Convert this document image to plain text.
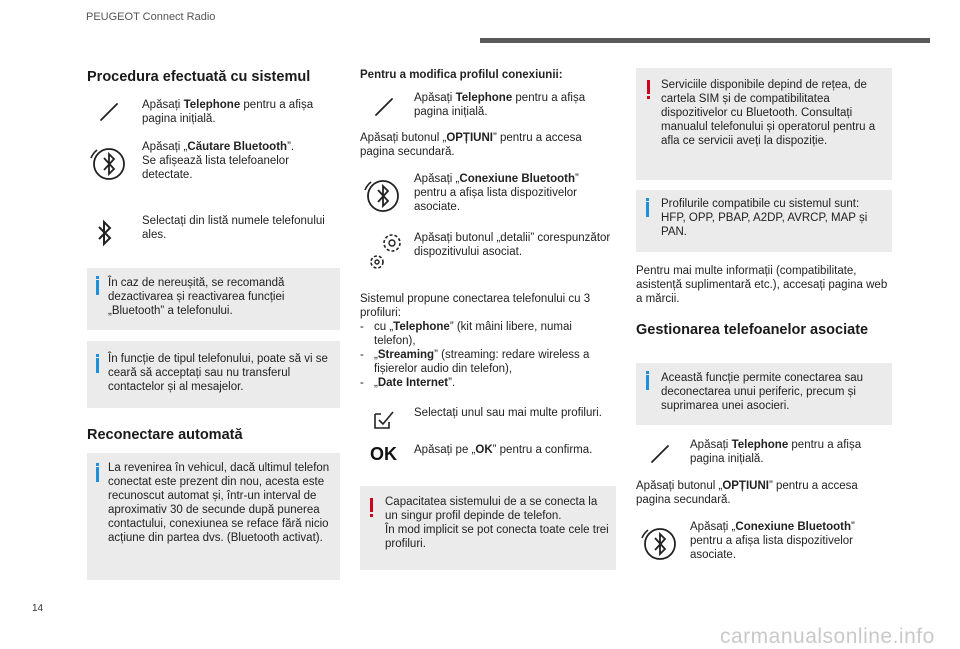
PEUGEOT Connect Radio
14
carmanualsonline.info
Procedura efectuată cu sistemul
Apăsați Telephone pentru a afișa pagina inițială.
Apăsați „Căutare Bluetooth”.
Se afișează lista telefoanelor detectate.
Selectați din listă numele telefonului ales.
În caz de nereușită, se recomandă dezactivarea și reactivarea funcției „Bluetooth” a telefonului.
În funcție de tipul telefonului, poate să vi se ceară să acceptați sau nu transferul contactelor și al mesajelor.
Reconectare automată
La revenirea în vehicul, dacă ultimul telefon conectat este prezent din nou, acesta este recunoscut automat și, într-un interval de aproximativ 30 de secunde după punerea contactului, conexiunea se reface fără nicio acțiune din partea dvs. (Bluetooth activat).
Pentru a modifica profilul conexiunii:
Apăsați Telephone pentru a afișa pagina inițială.
Apăsați butonul „OPȚIUNI” pentru a accesa pagina secundară.
Apăsați „Conexiune Bluetooth” pentru a afișa lista dispozitivelor asociate.
Apăsați butonul „detalii” corespunzător dispozitivului asociat.
Sistemul propune conectarea telefonului cu 3 profiluri:
- cu „Telephone” (kit mâini libere, numai telefon),
- „Streaming” (streaming: redare wireless a fișierelor audio din telefon),
- „Date Internet”.
Selectați unul sau mai multe profiluri.
OK Apăsați pe „OK” pentru a confirma.
Capacitatea sistemului de a se conecta la un singur profil depinde de telefon.
În mod implicit se pot conecta toate cele trei profiluri.
Serviciile disponibile depind de rețea, de cartela SIM și de compatibilitatea dispozitivelor cu Bluetooth. Consultați manualul telefonului și operatorul pentru a afla ce servicii aveți la dispoziție.
Profilurile compatibile cu sistemul sunt: HFP, OPP, PBAP, A2DP, AVRCP, MAP și PAN.
Pentru mai multe informații (compatibilitate, asistență suplimentară etc.), accesați pagina web a mărcii.
Gestionarea telefoanelor asociate
Această funcție permite conectarea sau deconectarea unui periferic, precum și suprimarea unei asocieri.
Apăsați Telephone pentru a afișa pagina inițială.
Apăsați butonul „OPȚIUNI” pentru a accesa pagina secundară.
Apăsați „Conexiune Bluetooth” pentru a afișa lista dispozitivelor asociate.
